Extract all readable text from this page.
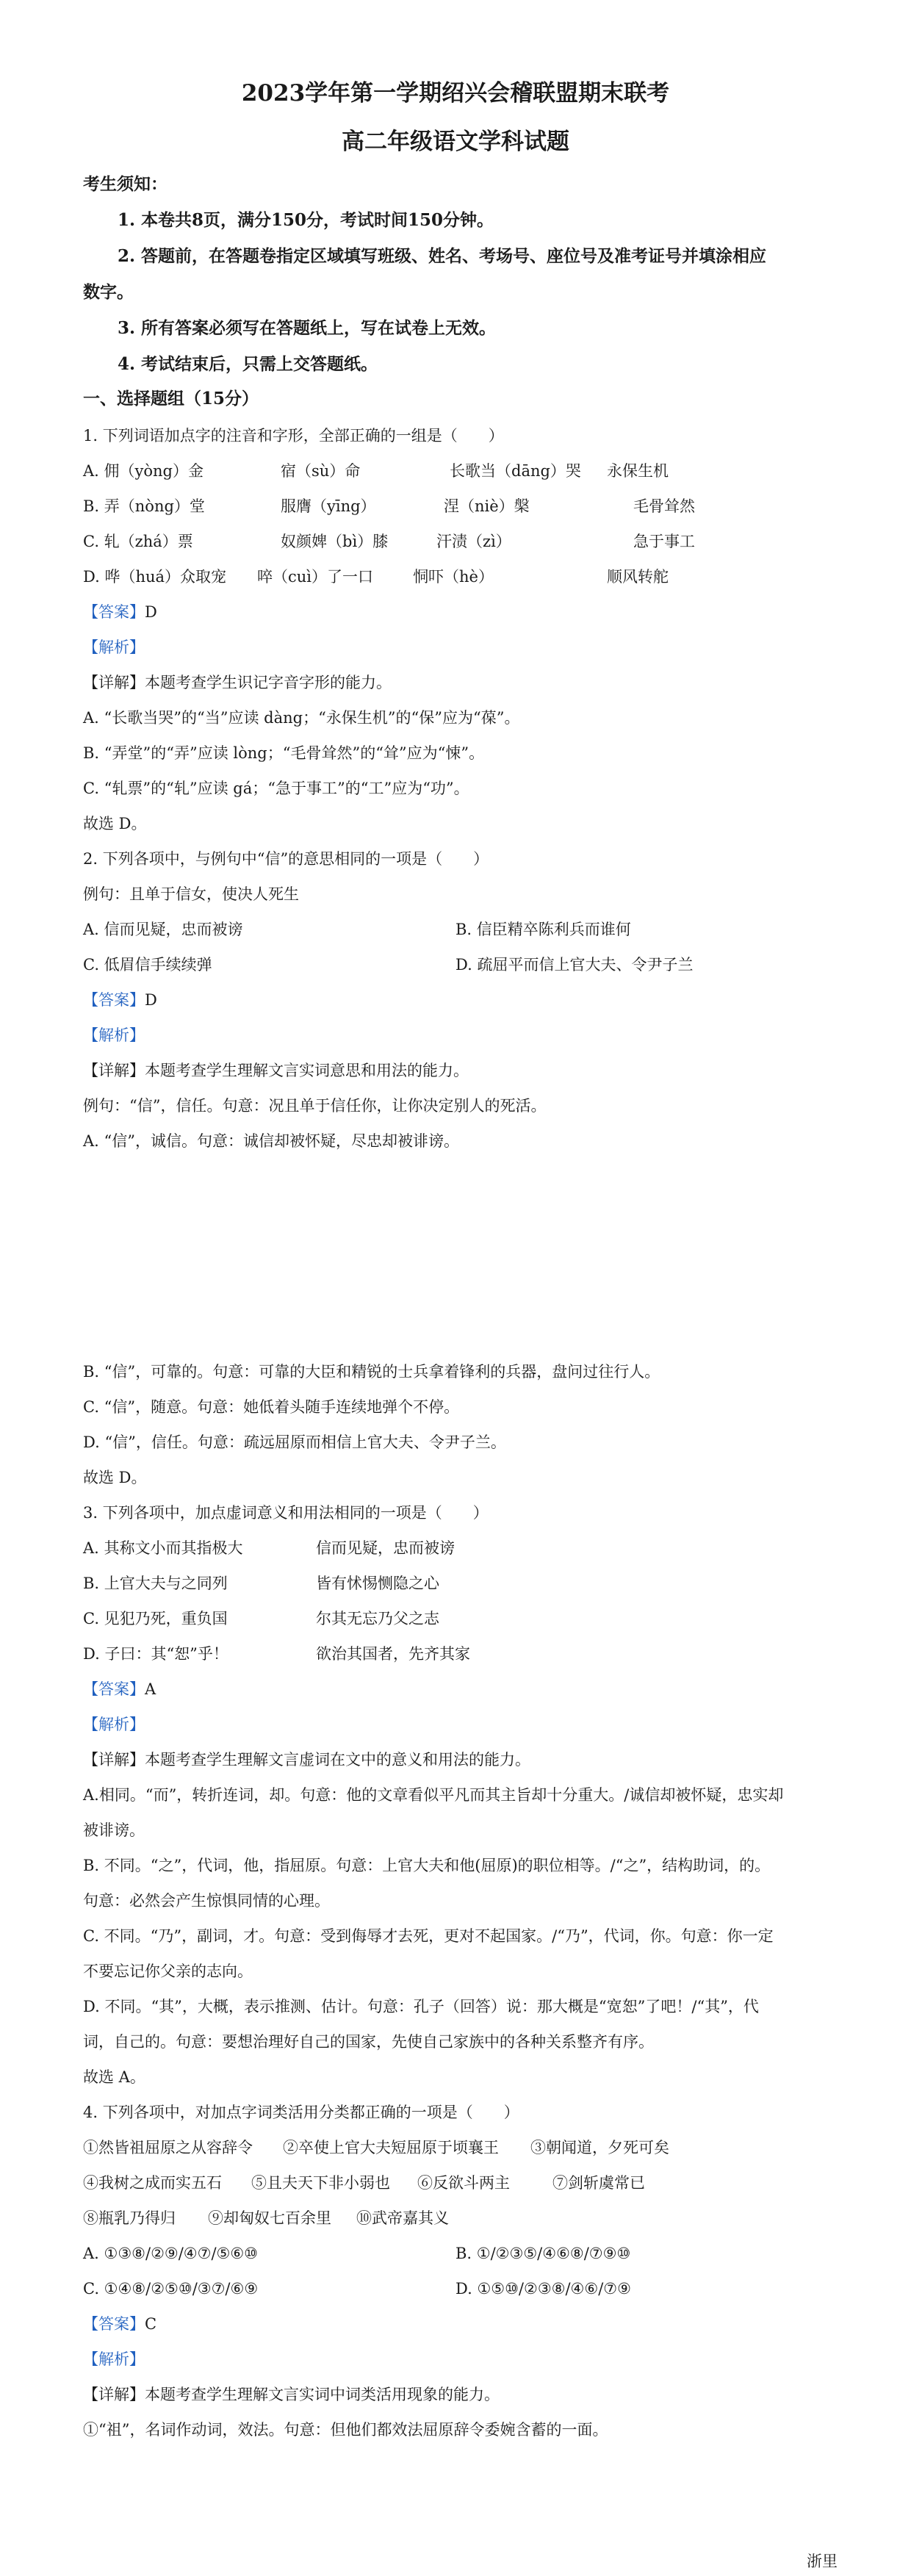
2023学年第一学期绍兴会稽联盟期末联考
高二年级语文学科试题
考生须知：
1. 本卷共8页，满分150分，考试时间150分钟。
2. 答题前，在答题卷指定区域填写班级、姓名、考场号、座位号及准考证号并填涂相应
数字。
3. 所有答案必须写在答题纸上，写在试卷上无效。
4. 考试结束后，只需上交答题纸。
一、选择题组（15分）
1. 下列词语加点字的注音和字形，全部正确的一组是（　　）
A. 佣（yòng）金	宿（sù）命	长歌当（dāng）哭 永保生机
B. 弄（nòng）堂	服膺（yīng）	涅（niè）槃	毛骨耸然
C. 轧（zhá）票	奴颜婢（bì）膝	汗渍（zì）	急于事工
D. 哗（huá）众取宠 啐（cuì）了一口	恫吓（hè）	顺风转舵
【答案】D
【解析】
【详解】本题考查学生识记字音字形的能力。
A. “长歌当哭”的“当”应读 dàng；“永保生机”的“保”应为“葆”。
B. “弄堂”的“弄”应读 lòng；“毛骨耸然”的“耸”应为“悚”。
C. “轧票”的“轧”应读 gá；“急于事工”的“工”应为“功”。
故选 D。
2. 下列各项中，与例句中“信”的意思相同的一项是（　　）
例句：且单于信女，使决人死生
A. 信而见疑，忠而被谤	B. 信臣精卒陈利兵而谁何
C. 低眉信手续续弹	D. 疏屈平而信上官大夫、令尹子兰
【答案】D
【解析】
【详解】本题考查学生理解文言实词意思和用法的能力。
例句：“信”，信任。句意：况且单于信任你，让你决定别人的死活。
A. “信”，诚信。句意：诚信却被怀疑，尽忠却被诽谤。
B. “信”，可靠的。句意：可靠的大臣和精锐的士兵拿着锋利的兵器，盘问过往行人。
C. “信”，随意。句意：她低着头随手连续地弹个不停。
D. “信”，信任。句意：疏远屈原而相信上官大夫、令尹子兰。
故选 D。
3. 下列各项中，加点虚词意义和用法相同的一项是（　　）
A. 其称文小而其指极大	信而见疑，忠而被谤
B. 上官大夫与之同列	皆有怵惕恻隐之心
C. 见犯乃死，重负国	尔其无忘乃父之志
D. 子曰：其“恕”乎！	欲治其国者，先齐其家
【答案】A
【解析】
【详解】本题考查学生理解文言虚词在文中的意义和用法的能力。
A.相同。“而”，转折连词，却。句意：他的文章看似平凡而其主旨却十分重大。/诚信却被怀疑，忠实却
被诽谤。
B. 不同。“之”，代词，他，指屈原。句意：上官大夫和他(屈原)的职位相等。/“之”，结构助词，的。
句意：必然会产生惊惧同情的心理。
C. 不同。“乃”，副词，才。句意：受到侮辱才去死，更对不起国家。/“乃”，代词，你。句意：你一定
不要忘记你父亲的志向。
D. 不同。“其”，大概，表示推测、估计。句意：孔子（回答）说：那大概是“宽恕”了吧！/“其”，代
词，自己的。句意：要想治理好自己的国家，先使自己家族中的各种关系整齐有序。
故选 A。
4. 下列各项中，对加点字词类活用分类都正确的一项是（　　）
①然皆祖屈原之从容辞令 ②卒使上官大夫短屈原于顷襄王 ③朝闻道，夕死可矣
④我树之成而实五石 ⑤且夫天下非小弱也 ⑥反欲斗两主	⑦剑斩虞常已
⑧瓶乳乃得归 ⑨却匈奴七百余里 ⑩武帝嘉其义
A. ①③⑧/②⑨/④⑦/⑤⑥⑩	B. ①/②③⑤/④⑥⑧/⑦⑨⑩
C. ①④⑧/②⑤⑩/③⑦/⑥⑨	D. ①⑤⑩/②③⑧/④⑥/⑦⑨
【答案】C
【解析】
【详解】本题考查学生理解文言实词中词类活用现象的能力。
①“祖”，名词作动词，效法。句意：但他们都效法屈原辞令委婉含蓄的一面。
浙里
